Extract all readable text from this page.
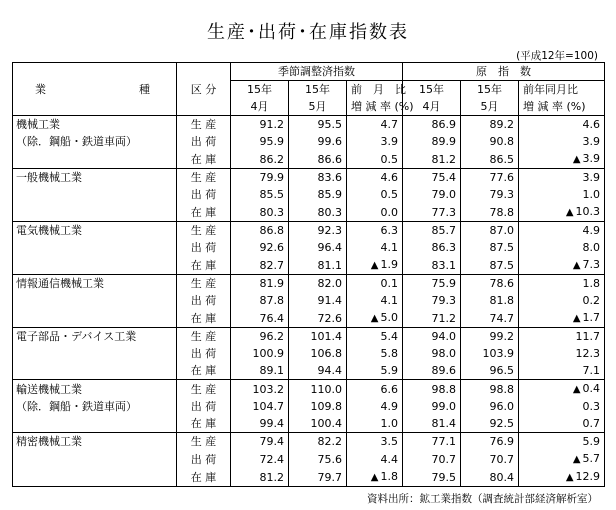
生産･出荷･在庫指数表
(平成12年=100)
業 種	区 分	季節調整済指数			原　指　数		
		15年	15年	前　月　比	15年	15年	前年同月比
		4月	5月	増 減 率 (%)	4月	5月	増 減 率 (%)
機械工業	生 産	91.2	95.5	4.7	86.9	89.2	4.6
（除．鋼船・鉄道車両）	出 荷	95.9	99.6	3.9	89.9	90.8	3.9
	在 庫	86.2	86.6	0.5	81.2	86.5	▲ 3.9
一般機械工業	生 産	79.9	83.6	4.6	75.4	77.6	3.9
	出 荷	85.5	85.9	0.5	79.0	79.3	1.0
	在 庫	80.3	80.3	0.0	77.3	78.8	▲ 10.3
電気機械工業	生 産	86.8	92.3	6.3	85.7	87.0	4.9
	出 荷	92.6	96.4	4.1	86.3	87.5	8.0
	在 庫	82.7	81.1	▲ 1.9	83.1	87.5	▲ 7.3
情報通信機械工業	生 産	81.9	82.0	0.1	75.9	78.6	1.8
	出 荷	87.8	91.4	4.1	79.3	81.8	0.2
	在 庫	76.4	72.6	▲ 5.0	71.2	74.7	▲ 1.7
電子部品・デバイス工業	生 産	96.2	101.4	5.4	94.0	99.2	11.7
	出 荷	100.9	106.8	5.8	98.0	103.9	12.3
	在 庫	89.1	94.4	5.9	89.6	96.5	7.1
輸送機械工業	生 産	103.2	110.0	6.6	98.8	98.8	▲ 0.4
（除．鋼船・鉄道車両）	出 荷	104.7	109.8	4.9	99.0	96.0	0.3
	在 庫	99.4	100.4	1.0	81.4	92.5	0.7
精密機械工業	生 産	79.4	82.2	3.5	77.1	76.9	5.9
	出 荷	72.4	75.6	4.4	70.7	70.7	▲ 5.7
	在 庫	81.2	79.7	▲ 1.8	79.5	80.4	▲ 12.9
資料出所：鉱工業指数（調査統計部経済解析室）
